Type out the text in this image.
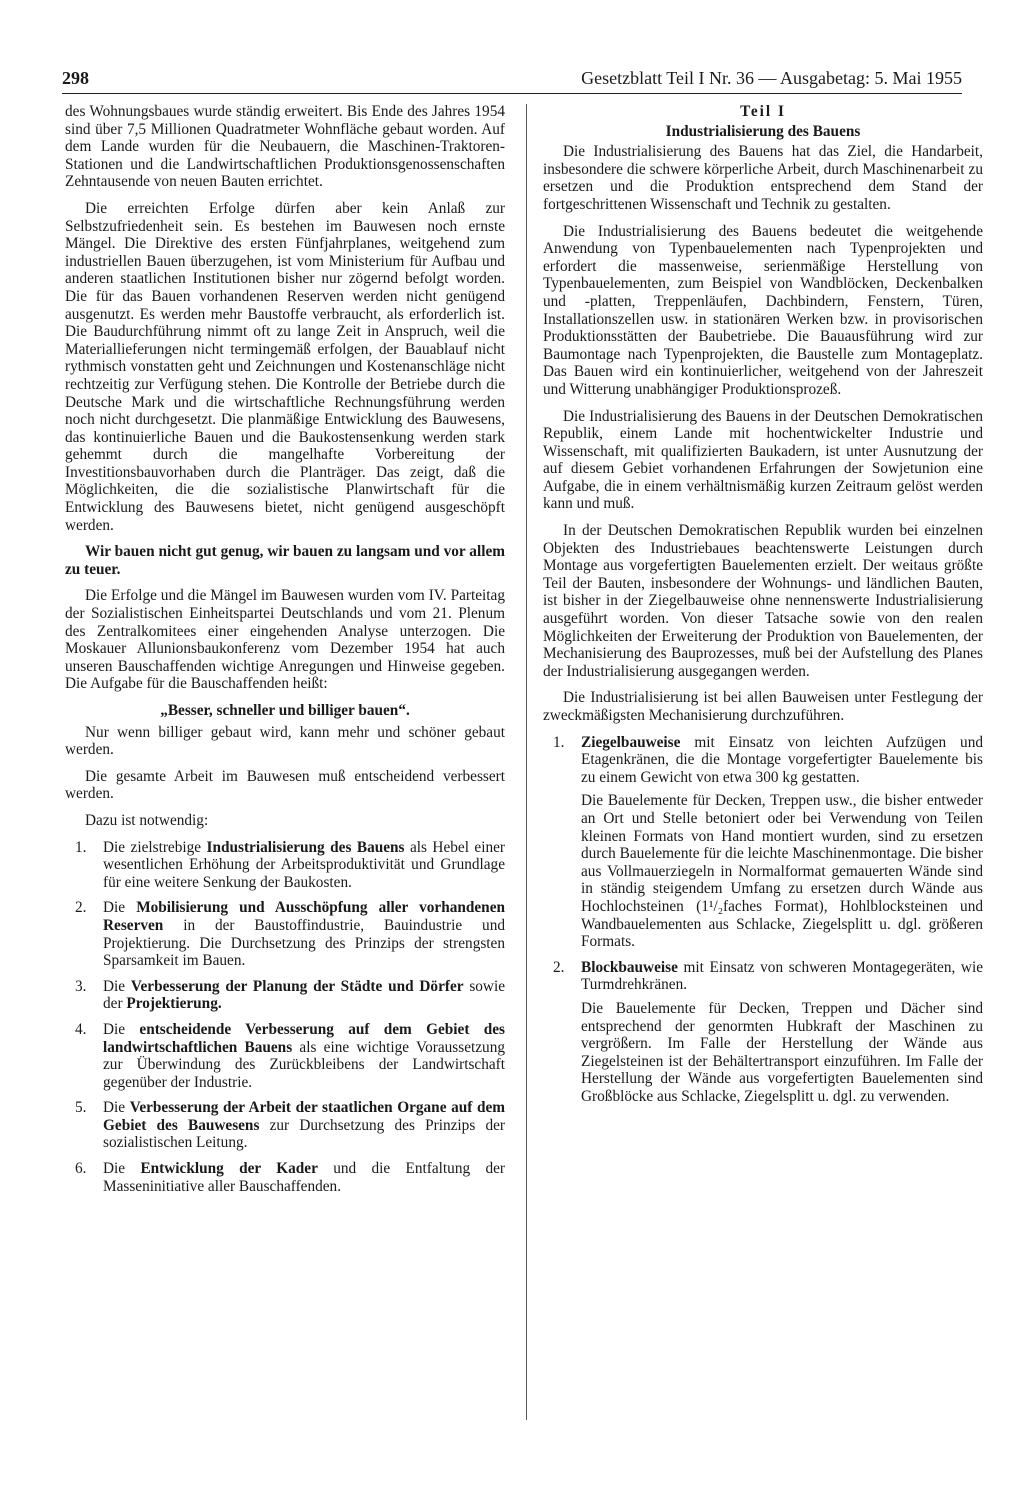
298	Gesetzblatt Teil I Nr. 36 — Ausgabetag: 5. Mai 1955

des Wohnungsbaues wurde ständig erweitert. Bis Ende des Jahres 1954 sind über 7,5 Millionen Quadratmeter Wohnfläche gebaut worden. Auf dem Lande wurden für die Neubauern, die Maschinen-Traktoren-Stationen und die Landwirtschaftlichen Produktionsgenossenschaften Zehntausende von neuen Bauten errichtet.

Die erreichten Erfolge dürfen aber kein Anlaß zur Selbstzufriedenheit sein. Es bestehen im Bauwesen noch ernste Mängel. Die Direktive des ersten Fünfjahrplanes, weitgehend zum industriellen Bauen überzugehen, ist vom Ministerium für Aufbau und anderen staatlichen Institutionen bisher nur zögernd befolgt worden. Die für das Bauen vorhandenen Reserven werden nicht genügend ausgenutzt. Es werden mehr Baustoffe verbraucht, als erforderlich ist. Die Baudurchführung nimmt oft zu lange Zeit in Anspruch, weil die Materiallieferungen nicht termingemäß erfolgen, der Bauablauf nicht rythmisch vonstatten geht und Zeichnungen und Kostenanschläge nicht rechtzeitig zur Verfügung stehen. Die Kontrolle der Betriebe durch die Deutsche Mark und die wirtschaftliche Rechnungsführung werden noch nicht durchgesetzt. Die planmäßige Entwicklung des Bauwesens, das kontinuierliche Bauen und die Baukostensenkung werden stark gehemmt durch die mangelhafte Vorbereitung der Investitionsbauvorhaben durch die Planträger. Das zeigt, daß die Möglichkeiten, die die sozialistische Planwirtschaft für die Entwicklung des Bauwesens bietet, nicht genügend ausgeschöpft werden.

Wir bauen nicht gut genug, wir bauen zu langsam und vor allem zu teuer.

Die Erfolge und die Mängel im Bauwesen wurden vom IV. Parteitag der Sozialistischen Einheitspartei Deutschlands und vom 21. Plenum des Zentralkomitees einer eingehenden Analyse unterzogen. Die Moskauer Allunionsbaukonferenz vom Dezember 1954 hat auch unseren Bauschaffenden wichtige Anregungen und Hinweise gegeben. Die Aufgabe für die Bauschaffenden heißt:

„Besser, schneller und billiger bauen“.

Nur wenn billiger gebaut wird, kann mehr und schöner gebaut werden.

Die gesamte Arbeit im Bauwesen muß entscheidend verbessert werden.

Dazu ist notwendig:

1. Die zielstrebige Industrialisierung des Bauens als Hebel einer wesentlichen Erhöhung der Arbeitsproduktivität und Grundlage für eine weitere Senkung der Baukosten.
2. Die Mobilisierung und Ausschöpfung aller vorhandenen Reserven in der Baustoffindustrie, Bauindustrie und Projektierung. Die Durchsetzung des Prinzips der strengsten Sparsamkeit im Bauen.
3. Die Verbesserung der Planung der Städte und Dörfer sowie der Projektierung.
4. Die entscheidende Verbesserung auf dem Gebiet des landwirtschaftlichen Bauens als eine wichtige Voraussetzung zur Überwindung des Zurückbleibens der Landwirtschaft gegenüber der Industrie.
5. Die Verbesserung der Arbeit der staatlichen Organe auf dem Gebiet des Bauwesens zur Durchsetzung des Prinzips der sozialistischen Leitung.
6. Die Entwicklung der Kader und die Entfaltung der Masseninitiative aller Bauschaffenden.

Teil I

Industrialisierung des Bauens

Die Industrialisierung des Bauens hat das Ziel, die Handarbeit, insbesondere die schwere körperliche Arbeit, durch Maschinenarbeit zu ersetzen und die Produktion entsprechend dem Stand der fortgeschrittenen Wissenschaft und Technik zu gestalten.

Die Industrialisierung des Bauens bedeutet die weitgehende Anwendung von Typenbauelementen nach Typenprojekten und erfordert die massenweise, serienmäßige Herstellung von Typenbauelementen, zum Beispiel von Wandblöcken, Deckenbalken und -platten, Treppenläufen, Dachbindern, Fenstern, Türen, Installationszellen usw. in stationären Werken bzw. in provisorischen Produktionsstätten der Baubetriebe. Die Bauausführung wird zur Baumontage nach Typenprojekten, die Baustelle zum Montageplatz. Das Bauen wird ein kontinuierlicher, weitgehend von der Jahreszeit und Witterung unabhängiger Produktionsprozeß.

Die Industrialisierung des Bauens in der Deutschen Demokratischen Republik, einem Lande mit hochentwickelter Industrie und Wissenschaft, mit qualifizierten Baukadern, ist unter Ausnutzung der auf diesem Gebiet vorhandenen Erfahrungen der Sowjetunion eine Aufgabe, die in einem verhältnismäßig kurzen Zeitraum gelöst werden kann und muß.

In der Deutschen Demokratischen Republik wurden bei einzelnen Objekten des Industriebaues beachtenswerte Leistungen durch Montage aus vorgefertigten Bauelementen erzielt. Der weitaus größte Teil der Bauten, insbesondere der Wohnungs- und ländlichen Bauten, ist bisher in der Ziegelbauweise ohne nennenswerte Industrialisierung ausgeführt worden. Von dieser Tatsache sowie von den realen Möglichkeiten der Erweiterung der Produktion von Bauelementen, der Mechanisierung des Bauprozesses, muß bei der Aufstellung des Planes der Industrialisierung ausgegangen werden.

Die Industrialisierung ist bei allen Bauweisen unter Festlegung der zweckmäßigsten Mechanisierung durchzuführen.

1. Ziegelbauweise mit Einsatz von leichten Aufzügen und Etagenkränen, die die Montage vorgefertigter Bauelemente bis zu einem Gewicht von etwa 300 kg gestatten.

Die Bauelemente für Decken, Treppen usw., die bisher entweder an Ort und Stelle betoniert oder bei Verwendung von Teilen kleinen Formats von Hand montiert wurden, sind zu ersetzen durch Bauelemente für die leichte Maschinenmontage. Die bisher aus Vollmauerziegeln in Normalformat gemauerten Wände sind in ständig steigendem Umfang zu ersetzen durch Wände aus Hochlochsteinen (1¹/₂faches Format), Hohlblocksteinen und Wandbauelementen aus Schlacke, Ziegelsplitt u. dgl. größeren Formats.

2. Blockbauweise mit Einsatz von schweren Montagegeräten, wie Turmdrehkränen.

Die Bauelemente für Decken, Treppen und Dächer sind entsprechend der genormten Hubkraft der Maschinen zu vergrößern. Im Falle der Herstellung der Wände aus Ziegelsteinen ist der Behältertransport einzuführen. Im Falle der Herstellung der Wände aus vorgefertigten Bauelementen sind Großblöcke aus Schlacke, Ziegelsplitt u. dgl. zu verwenden.
